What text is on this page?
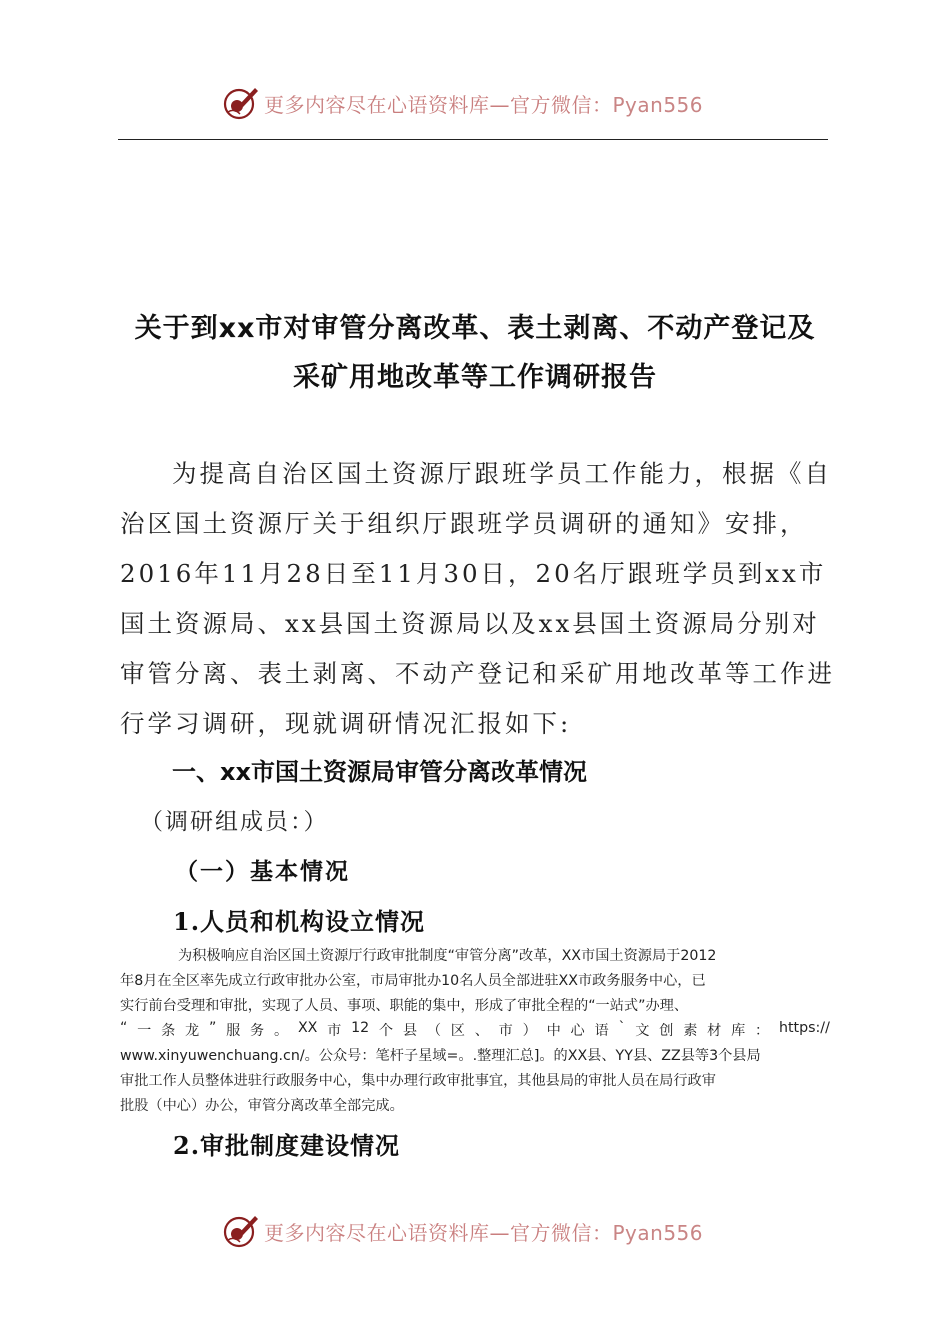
更多内容尽在心语资料库—官方微信：Pyan556
关于到xx市对审管分离改革、表土剥离、不动产登记及
采矿用地改革等工作调研报告
为提高自治区国土资源厅跟班学员工作能力，根据《自
治区国土资源厅关于组织厅跟班学员调研的通知》安排，
2016年11月28日至11月30日，20名厅跟班学员到xx市
国土资源局、xx县国土资源局以及xx县国土资源局分别对
审管分离、表土剥离、不动产登记和采矿用地改革等工作进
行学习调研，现就调研情况汇报如下:
一、xx市国土资源局审管分离改革情况
（调研组成员：）
（一）基本情况
1.人员和机构设立情况
为积极响应自治区国土资源厅行政审批制度“审管分离”改革，XX市国土资源局于2012
年8月在全区率先成立行政审批办公室，市局审批办10名人员全部进驻XX市政务服务中心，已
实行前台受理和审批，实现了人员、事项、职能的集中，形成了审批全程的“一站式”办理、
“ 一 条 龙 ” 服 务 。 XX 市 12 个 县 （ 区 、 市 ） 中 心 语 ` 文 创 素 材 库 ： https://
www.xinyuwenchuang.cn/。公众号：笔杆子星域=。.整理汇总]。的XX县、YY县、ZZ县等3个县局
审批工作人员整体进驻行政服务中心，集中办理行政审批事宜，其他县局的审批人员在局行政审
批股（中心）办公，审管分离改革全部完成。
2.审批制度建设情况
更多内容尽在心语资料库—官方微信：Pyan556
